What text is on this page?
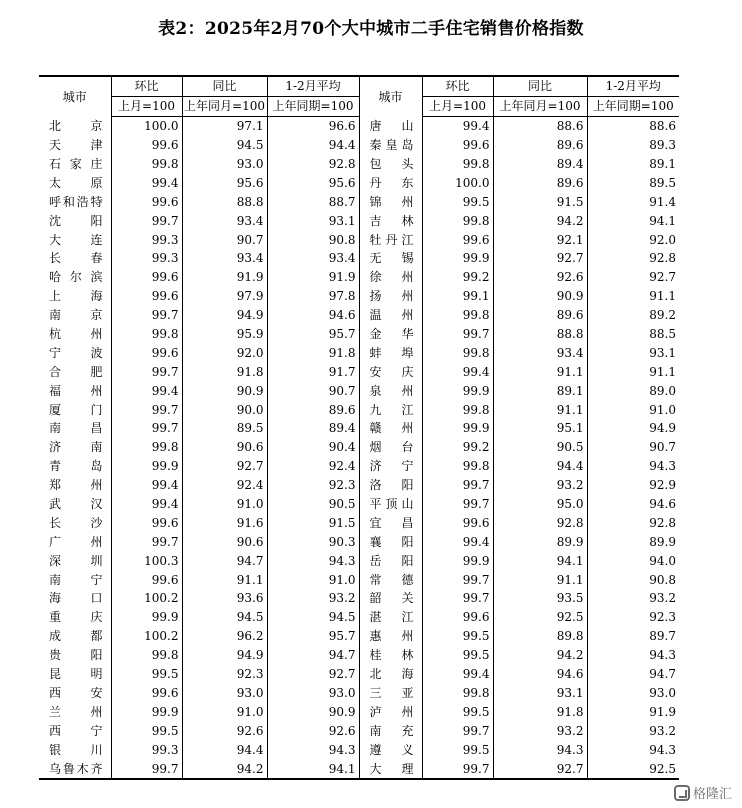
表2：2025年2月70个大中城市二手住宅销售价格指数
城市	环比	同比	1-2月平均	城市	环比	同比	1-2月平均
	上月=100	上年同月=100	上年同期=100		上月=100	上年同月=100	上年同期=100
北京	100.0	97.1	96.6	唐山	99.4	88.6	88.6
天津	99.6	94.5	94.4	秦皇岛	99.6	89.6	89.3
石家庄	99.8	93.0	92.8	包头	99.8	89.4	89.1
太原	99.4	95.6	95.6	丹东	100.0	89.6	89.5
呼和浩特	99.6	88.8	88.7	锦州	99.5	91.5	91.4
沈阳	99.7	93.4	93.1	吉林	99.8	94.2	94.1
大连	99.3	90.7	90.8	牡丹江	99.6	92.1	92.0
长春	99.3	93.4	93.4	无锡	99.9	92.7	92.8
哈尔滨	99.6	91.9	91.9	徐州	99.2	92.6	92.7
上海	99.6	97.9	97.8	扬州	99.1	90.9	91.1
南京	99.7	94.9	94.6	温州	99.8	89.6	89.2
杭州	99.8	95.9	95.7	金华	99.7	88.8	88.5
宁波	99.6	92.0	91.8	蚌埠	99.8	93.4	93.1
合肥	99.7	91.8	91.7	安庆	99.4	91.1	91.1
福州	99.4	90.9	90.7	泉州	99.9	89.1	89.0
厦门	99.7	90.0	89.6	九江	99.8	91.1	91.0
南昌	99.7	89.5	89.4	赣州	99.9	95.1	94.9
济南	99.8	90.6	90.4	烟台	99.2	90.5	90.7
青岛	99.9	92.7	92.4	济宁	99.8	94.4	94.3
郑州	99.4	92.4	92.3	洛阳	99.7	93.2	92.9
武汉	99.4	91.0	90.5	平顶山	99.7	95.0	94.6
长沙	99.6	91.6	91.5	宜昌	99.6	92.8	92.8
广州	99.7	90.6	90.3	襄阳	99.4	89.9	89.9
深圳	100.3	94.7	94.3	岳阳	99.9	94.1	94.0
南宁	99.6	91.1	91.0	常德	99.7	91.1	90.8
海口	100.2	93.6	93.2	韶关	99.7	93.5	93.2
重庆	99.9	94.5	94.5	湛江	99.6	92.5	92.3
成都	100.2	96.2	95.7	惠州	99.5	89.8	89.7
贵阳	99.8	94.9	94.7	桂林	99.5	94.2	94.3
昆明	99.5	92.3	92.7	北海	99.4	94.6	94.7
西安	99.6	93.0	93.0	三亚	99.8	93.1	93.0
兰州	99.9	91.0	90.9	泸州	99.5	91.8	91.9
西宁	99.5	92.6	92.6	南充	99.7	93.2	93.2
银川	99.3	94.4	94.3	遵义	99.5	94.3	94.3
乌鲁木齐	99.7	94.2	94.1	大理	99.7	92.7	92.5
格隆汇
